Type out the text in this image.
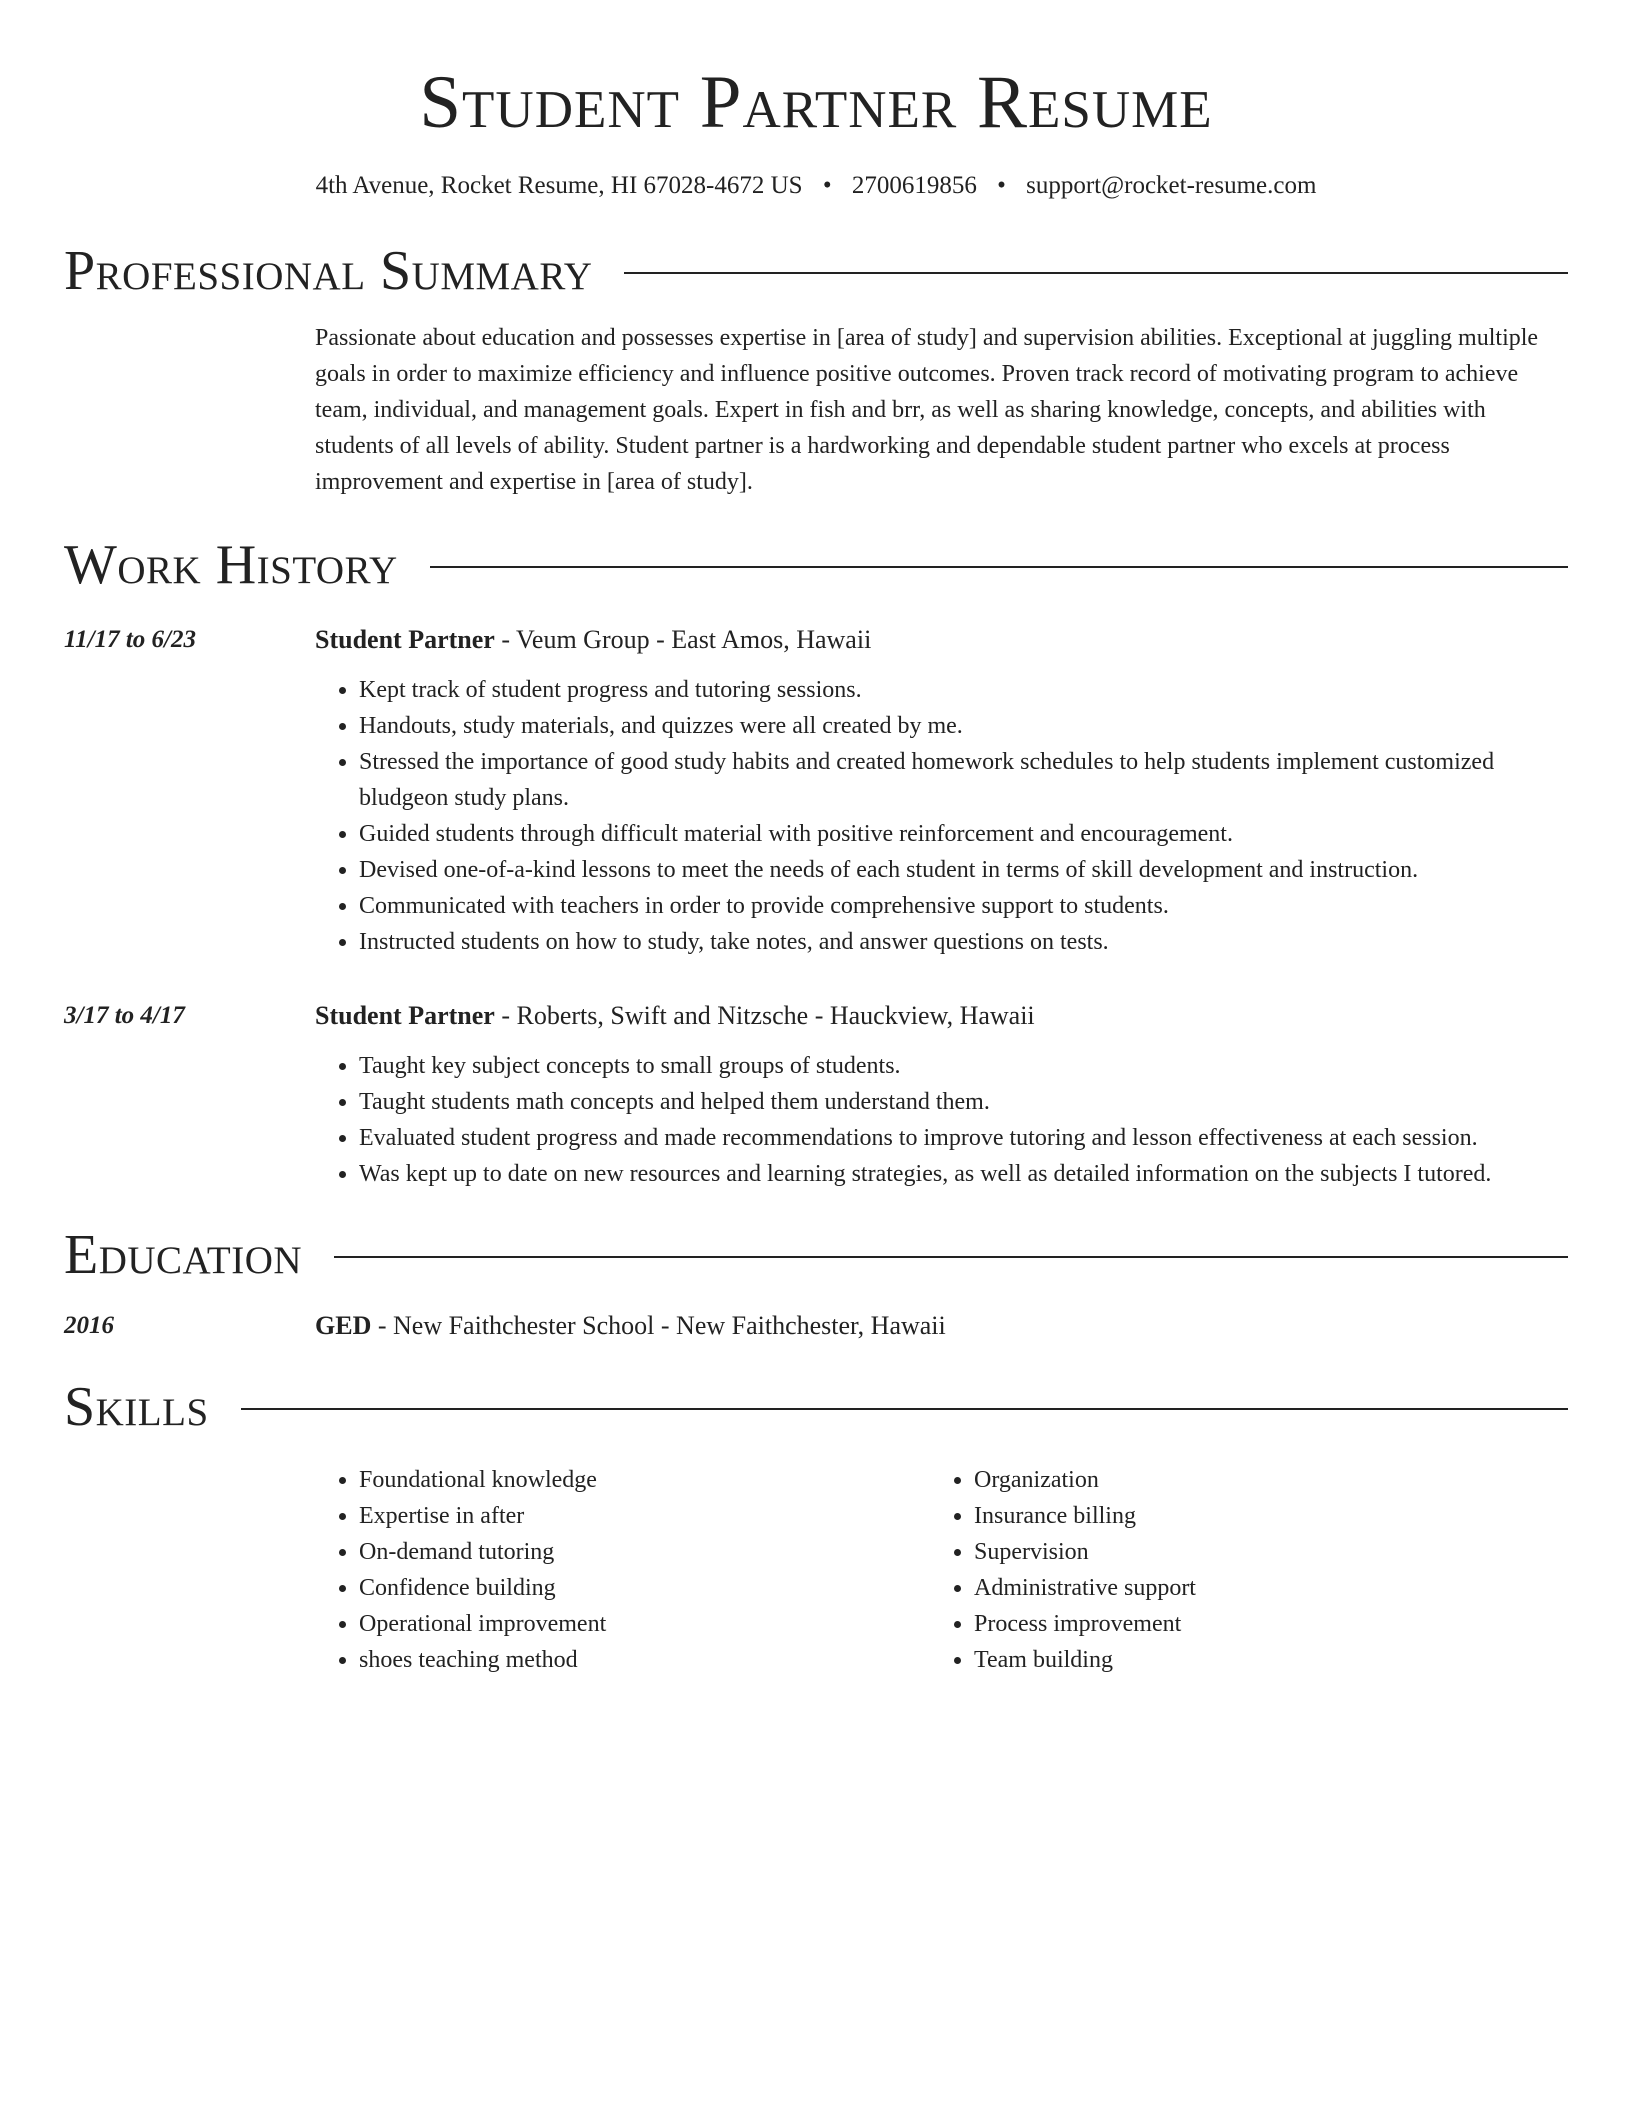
Student Partner Resume
4th Avenue, Rocket Resume, HI 67028-4672 US • 2700619856 • support@rocket-resume.com
Professional Summary

Passionate about education and possesses expertise in [area of study] and supervision abilities. Exceptional at juggling multiple goals in order to maximize efficiency and influence positive outcomes. Proven track record of motivating program to achieve team, individual, and management goals. Expert in fish and brr, as well as sharing knowledge, concepts, and abilities with students of all levels of ability. Student partner is a hardworking and dependable student partner who excels at process improvement and expertise in [area of study].

Work History
11/17 to 6/23	Student Partner - Veum Group - East Amos, Hawaii
• Kept track of student progress and tutoring sessions.
• Handouts, study materials, and quizzes were all created by me.
• Stressed the importance of good study habits and created homework schedules to help students implement customized bludgeon study plans.
• Guided students through difficult material with positive reinforcement and encouragement.
• Devised one-of-a-kind lessons to meet the needs of each student in terms of skill development and instruction.
• Communicated with teachers in order to provide comprehensive support to students.
• Instructed students on how to study, take notes, and answer questions on tests.
3/17 to 4/17	Student Partner - Roberts, Swift and Nitzsche - Hauckview, Hawaii
• Taught key subject concepts to small groups of students.
• Taught students math concepts and helped them understand them.
• Evaluated student progress and made recommendations to improve tutoring and lesson effectiveness at each session.
• Was kept up to date on new resources and learning strategies, as well as detailed information on the subjects I tutored.
Education
2016	GED - New Faithchester School - New Faithchester, Hawaii
Skills
• Foundational knowledge
• Expertise in after
• On-demand tutoring
• Confidence building
• Operational improvement
• shoes teaching method
• Organization
• Insurance billing
• Supervision
• Administrative support
• Process improvement
• Team building
